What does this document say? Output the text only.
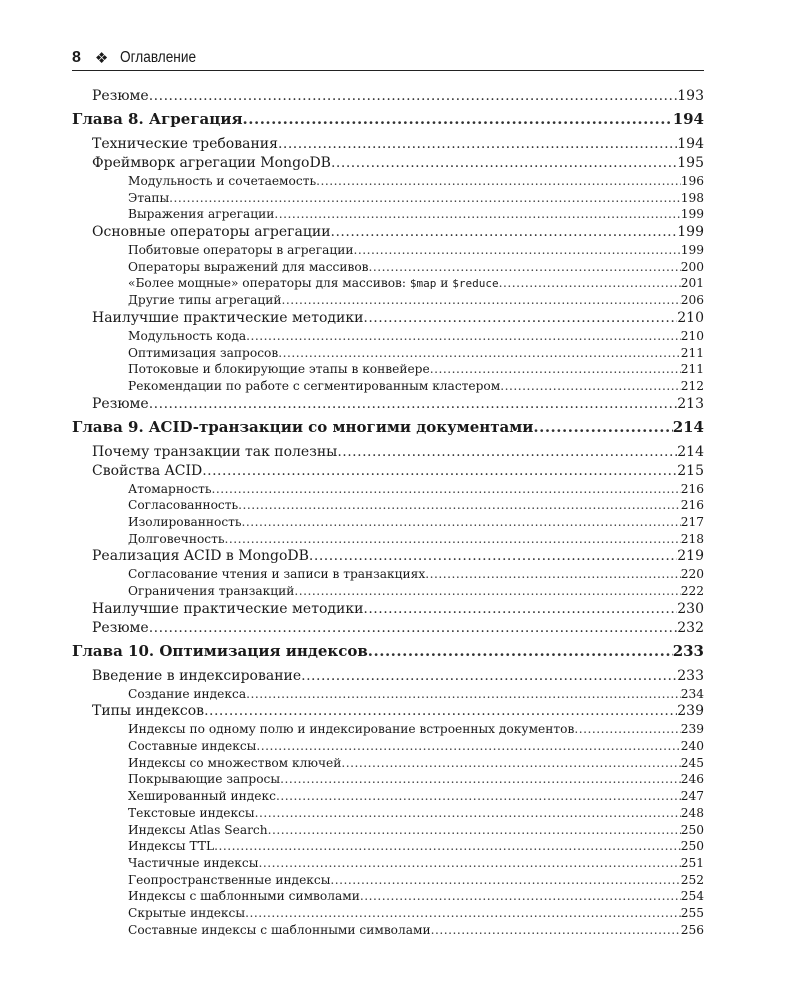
8 ❖ Оглавление
Резюме .....	193
Глава 8. Агрегация .....	194
Технические требования .....	194
Фреймворк агрегации MongoDB .....	195
Модульность и сочетаемость .....	196
Этапы .....	198
Выражения агрегации .....	199
Основные операторы агрегации .....	199
Побитовые операторы в агрегации .....	199
Операторы выражений для массивов .....	200
«Более мощные» операторы для массивов: $map и $reduce .....	201
Другие типы агрегаций .....	206
Наилучшие практические методики .....	210
Модульность кода .....	210
Оптимизация запросов .....	211
Потоковые и блокирующие этапы в конвейере .....	211
Рекомендации по работе с сегментированным кластером .....	212
Резюме .....	213
Глава 9. ACID-транзакции со многими документами .....	214
Почему транзакции так полезны .....	214
Свойства ACID .....	215
Атомарность .....	216
Согласованность .....	216
Изолированность .....	217
Долговечность .....	218
Реализация ACID в MongoDB .....	219
Согласование чтения и записи в транзакциях .....	220
Ограничения транзакций .....	222
Наилучшие практические методики .....	230
Резюме .....	232
Глава 10. Оптимизация индексов .....	233
Введение в индексирование .....	233
Создание индекса .....	234
Типы индексов .....	239
Индексы по одному полю и индексирование встроенных документов .....	239
Составные индексы .....	240
Индексы со множеством ключей .....	245
Покрывающие запросы .....	246
Хешированный индекс .....	247
Текстовые индексы .....	248
Индексы Atlas Search .....	250
Индексы TTL .....	250
Частичные индексы .....	251
Геопространственные индексы .....	252
Индексы с шаблонными символами .....	254
Скрытые индексы .....	255
Составные индексы с шаблонными символами .....	256
